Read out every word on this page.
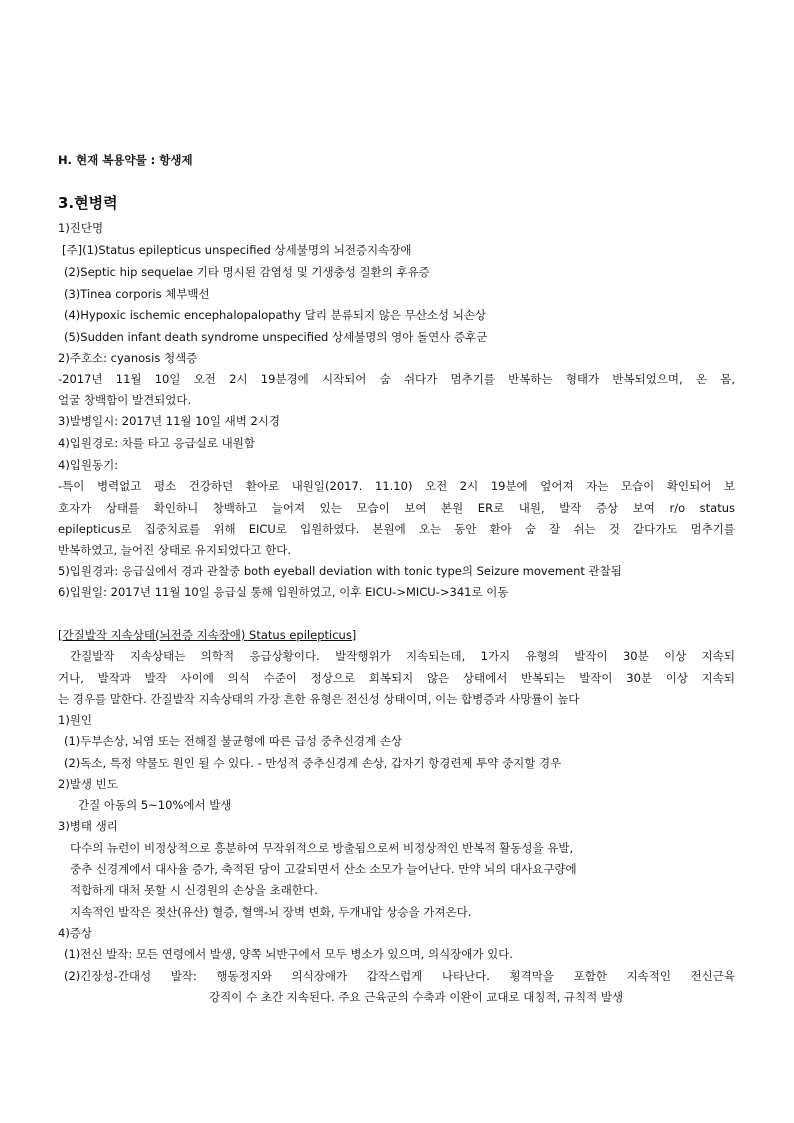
H. 현재 복용약물 : 항생제
3.현병력
1)진단명
[주](1)Status epilepticus unspecified 상세불명의 뇌전증지속장애
(2)Septic hip sequelae 기타 명시된 감염성 및 기생충성 질환의 후유증
(3)Tinea corporis 체부백선
(4)Hypoxic ischemic encephalopalopathy 달리 분류되지 않은 무산소성 뇌손상
(5)Sudden infant death syndrome unspecified 상세불명의 영아 돌연사 증후군
2)주호소: cyanosis 청색증
-2017년 11월 10일 오전 2시 19분경에 시작되어 숨 쉬다가 멈추기를 반복하는 형태가 반복되었으며, 온 몸,
얼굴 창백함이 발견되었다.
3)발병일시: 2017년 11월 10일 새벽 2시경
4)입원경로: 차를 타고 응급실로 내원함
4)입원동기:
-특이 병력없고 평소 건강하던 환아로 내원일(2017. 11.10) 오전 2시 19분에 엎어져 자는 모습이 확인되어 보
호자가 상태를 확인하니 창백하고 늘어져 있는 모습이 보여 본원 ER로 내원, 발작 증상 보여 r/o status
epilepticus로 집중치료를 위해 EICU로 입원하였다. 본원에 오는 동안 환아 숨 잘 쉬는 것 같다가도 멈추기를
반복하였고, 늘어진 상태로 유지되었다고 한다.
5)입원경과: 응급실에서 경과 관찰중 both eyeball deviation with tonic type의 Seizure movement 관찰됨
6)입원일: 2017년 11월 10일 응급실 통해 입원하였고, 이후 EICU->MICU->341로 이동
[간질발작 지속상태(뇌전증 지속장애) Status epilepticus]
간질발작 지속상태는 의학적 응급상황이다. 발작행위가 지속되는데, 1가지 유형의 발작이 30분 이상 지속되
거나, 발작과 발작 사이에 의식 수준이 정상으로 회복되지 않은 상태에서 반복되는 발작이 30분 이상 지속되
는 경우를 말한다. 간질발작 지속상태의 가장 흔한 유형은 전신성 상태이며, 이는 합병증과 사망률이 높다
1)원인
(1)두부손상, 뇌염 또는 전해질 불균형에 따른 급성 중추신경계 손상
(2)독소, 특정 약물도 원인 될 수 있다. - 만성적 중추신경계 손상, 갑자기 항경련제 투약 중지할 경우
2)발생 빈도
간질 아동의 5~10%에서 발생
3)병태 생리
다수의 뉴런이 비정상적으로 흥분하여 무작위적으로 방출됨으로써 비정상적인 반복적 활동성을 유발,
중추 신경계에서 대사율 증가, 축적된 당이 고갈되면서 산소 소모가 늘어난다. 만약 뇌의 대사요구량에
적합하게 대처 못할 시 신경원의 손상을 초래한다.
지속적인 발작은 젖산(유산) 혈증, 혈액-뇌 장벽 변화, 두개내압 상승을 가져온다.
4)증상
(1)전신 발작: 모든 연령에서 발생, 양쪽 뇌반구에서 모두 병소가 있으며, 의식장애가 있다.
(2)긴장성-간대성 발작: 행동정지와 의식장애가 갑작스럽게 나타난다. 횡격막을 포함한 지속적인 전신근육
강직이 수 초간 지속된다. 주요 근육군의 수축과 이완이 교대로 대칭적, 규칙적 발생
